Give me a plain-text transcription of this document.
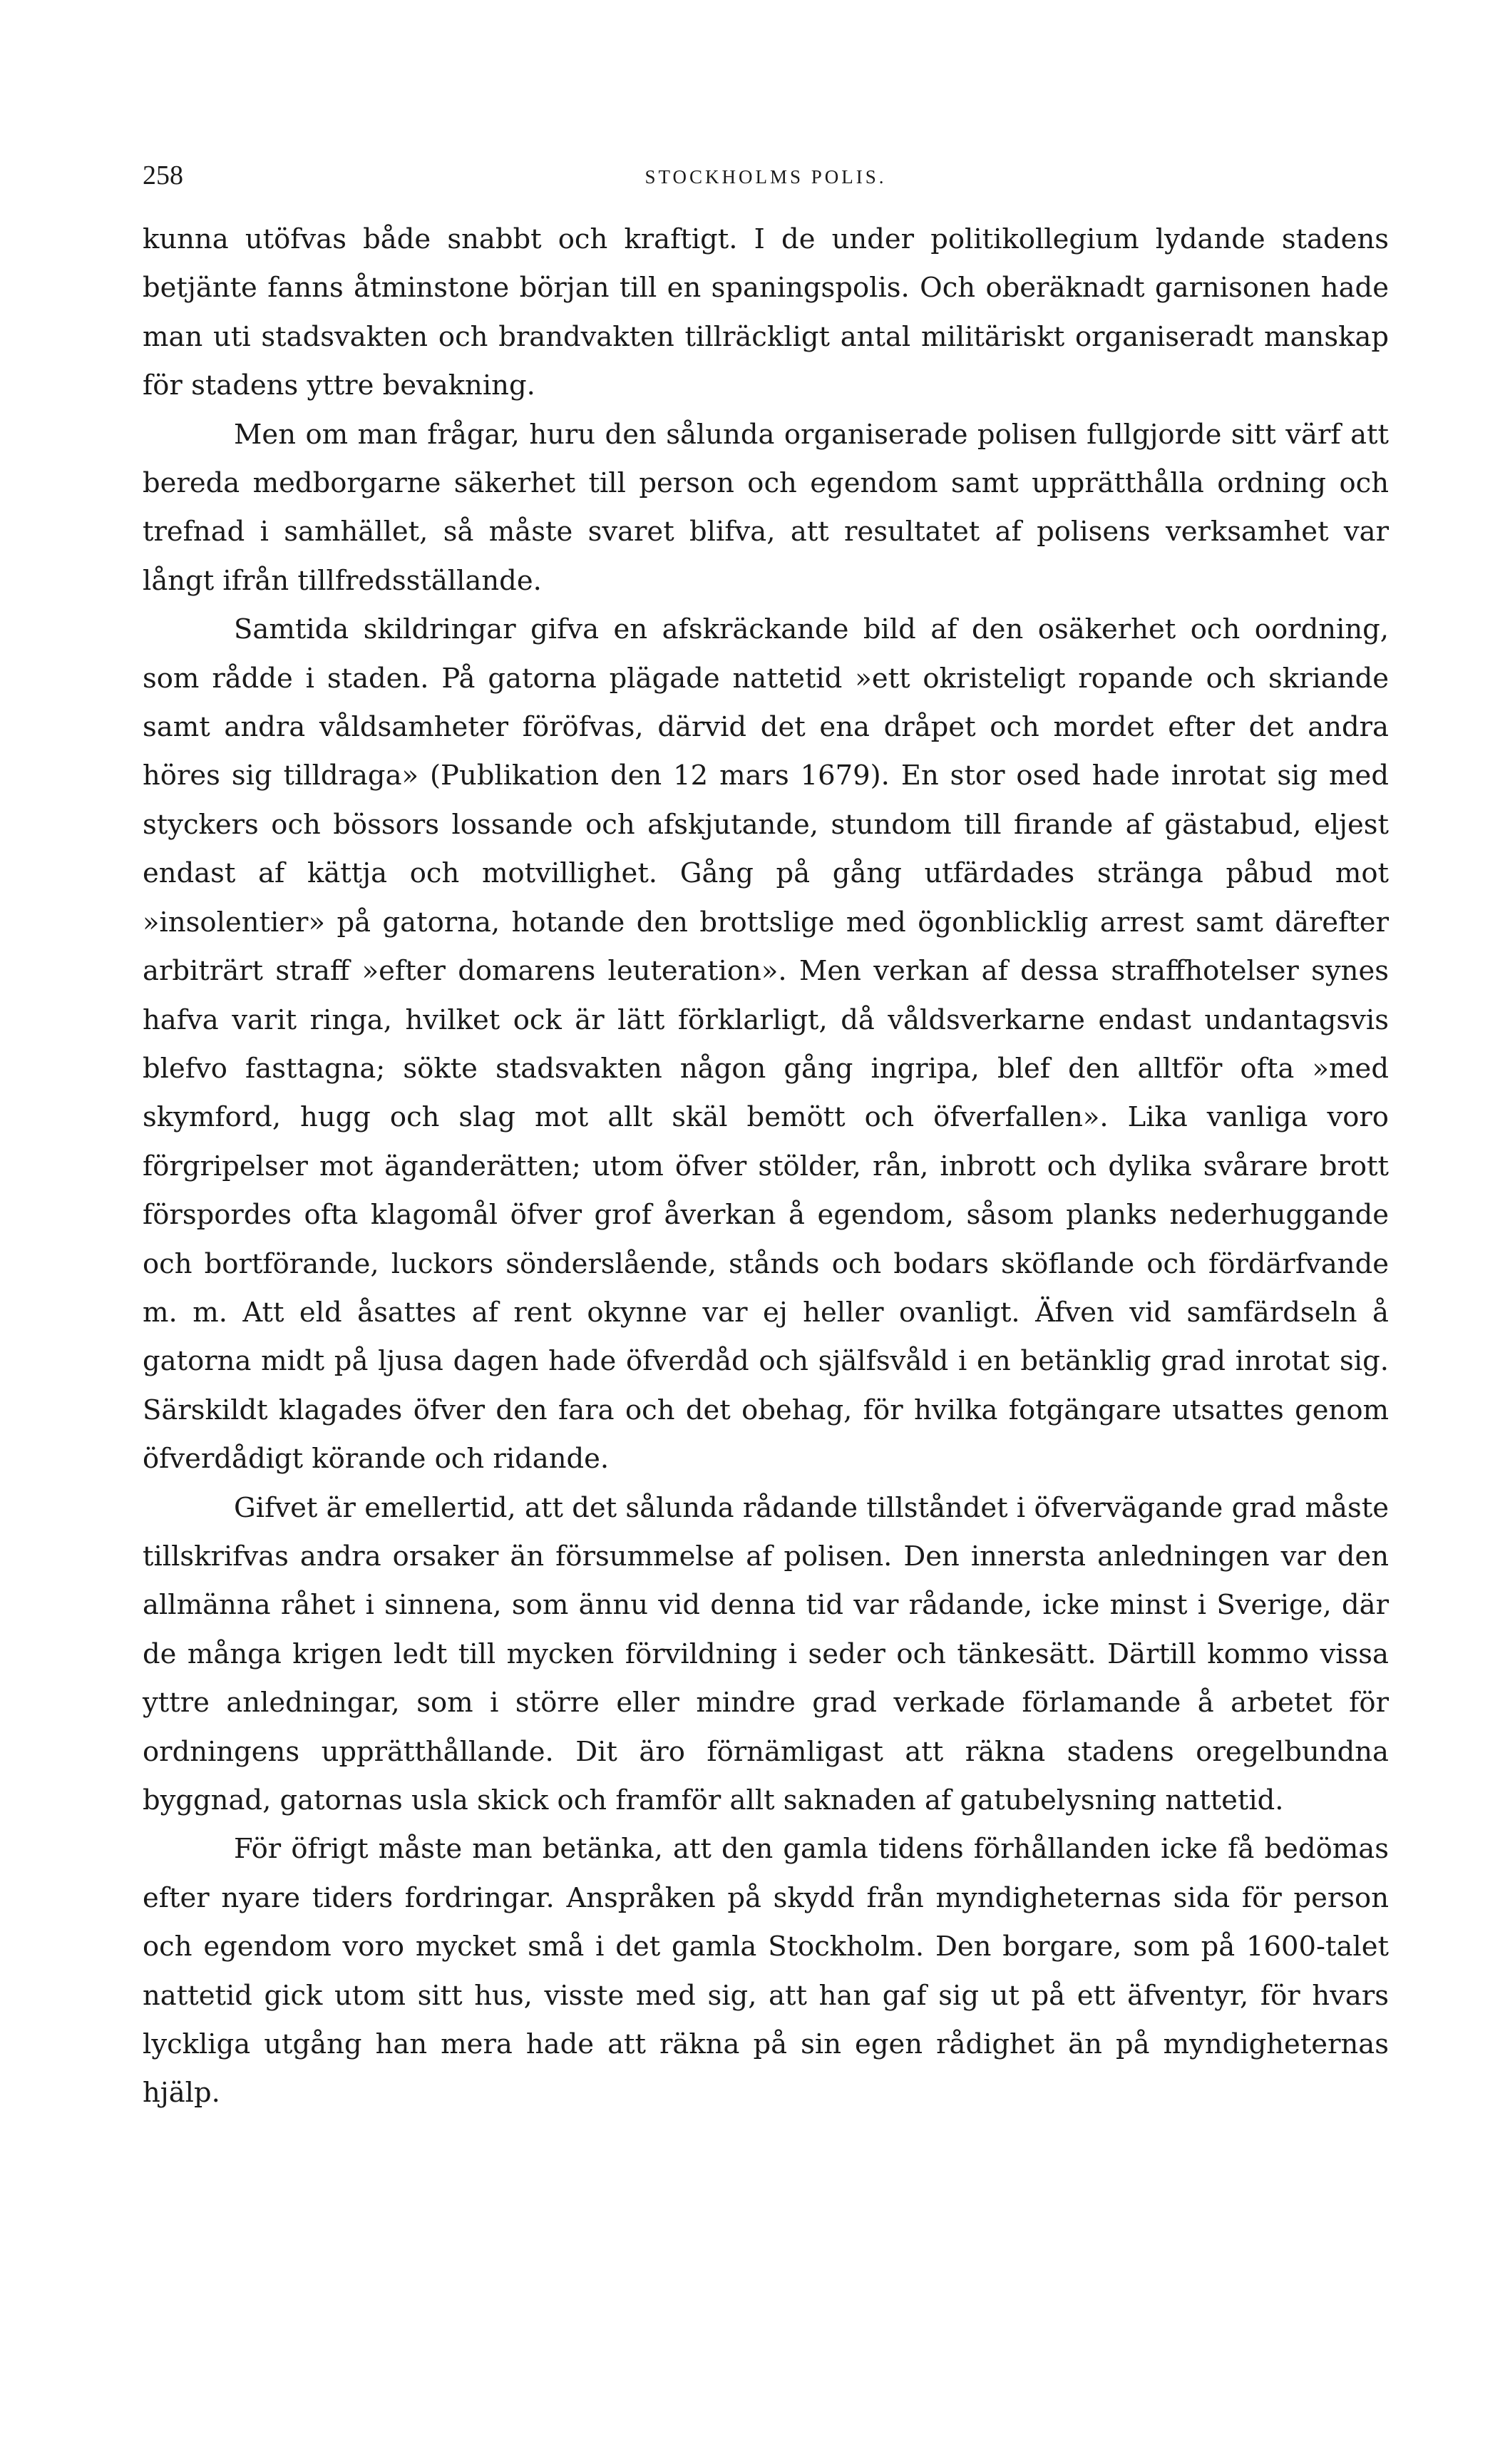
258	STOCKHOLMS POLIS.

kunna utöfvas både snabbt och kraftigt. I de under politikollegium lydande stadens betjänte fanns åtminstone början till en spaningspolis. Och oberäknadt garnisonen hade man uti stadsvakten och brandvakten tillräckligt antal militäriskt organiseradt manskap för stadens yttre bevakning.

Men om man frågar, huru den sålunda organiserade polisen fullgjorde sitt värf att bereda medborgarne säkerhet till person och egendom samt upprätthålla ordning och trefnad i samhället, så måste svaret blifva, att resultatet af polisens verksamhet var långt ifrån tillfredsställande.

Samtida skildringar gifva en afskräckande bild af den osäkerhet och oordning, som rådde i staden. På gatorna plägade nattetid »ett okristeligt ropande och skriande samt andra våldsamheter föröfvas, därvid det ena dråpet och mordet efter det andra höres sig tilldraga» (Publikation den 12 mars 1679). En stor osed hade inrotat sig med styckers och bössors lossande och afskjutande, stundom till firande af gästabud, eljest endast af kättja och motvillighet. Gång på gång utfärdades stränga påbud mot »insolentier» på gatorna, hotande den brottslige med ögonblicklig arrest samt därefter arbiträrt straff »efter domarens leuteration». Men verkan af dessa straffhotelser synes hafva varit ringa, hvilket ock är lätt förklarligt, då våldsverkarne endast undantagsvis blefvo fasttagna; sökte stadsvakten någon gång ingripa, blef den alltför ofta »med skymford, hugg och slag mot allt skäl bemött och öfverfallen». Lika vanliga voro förgripelser mot äganderätten; utom öfver stölder, rån, inbrott och dylika svårare brott förspordes ofta klagomål öfver grof åverkan å egendom, såsom planks nederhuggande och bortförande, luckors sönderslående, stånds och bodars sköflande och fördärfvande m. m. Att eld åsattes af rent okynne var ej heller ovanligt. Äfven vid samfärdseln å gatorna midt på ljusa dagen hade öfverdåd och själfsvåld i en betänklig grad inrotat sig. Särskildt klagades öfver den fara och det obehag, för hvilka fotgängare utsattes genom öfverdådigt körande och ridande.

Gifvet är emellertid, att det sålunda rådande tillståndet i öfvervägande grad måste tillskrifvas andra orsaker än försummelse af polisen. Den innersta anledningen var den allmänna råhet i sinnena, som ännu vid denna tid var rådande, icke minst i Sverige, där de många krigen ledt till mycken förvildning i seder och tänkesätt. Därtill kommo vissa yttre anledningar, som i större eller mindre grad verkade förlamande å arbetet för ordningens upprätthållande. Dit äro förnämligast att räkna stadens oregelbundna byggnad, gatornas usla skick och framför allt saknaden af gatubelysning nattetid.

För öfrigt måste man betänka, att den gamla tidens förhållanden icke få bedömas efter nyare tiders fordringar. Anspråken på skydd från myndigheternas sida för person och egendom voro mycket små i det gamla Stockholm. Den borgare, som på 1600-talet nattetid gick utom sitt hus, visste med sig, att han gaf sig ut på ett äfventyr, för hvars lyckliga utgång han mera hade att räkna på sin egen rådighet än på myndigheternas hjälp.
